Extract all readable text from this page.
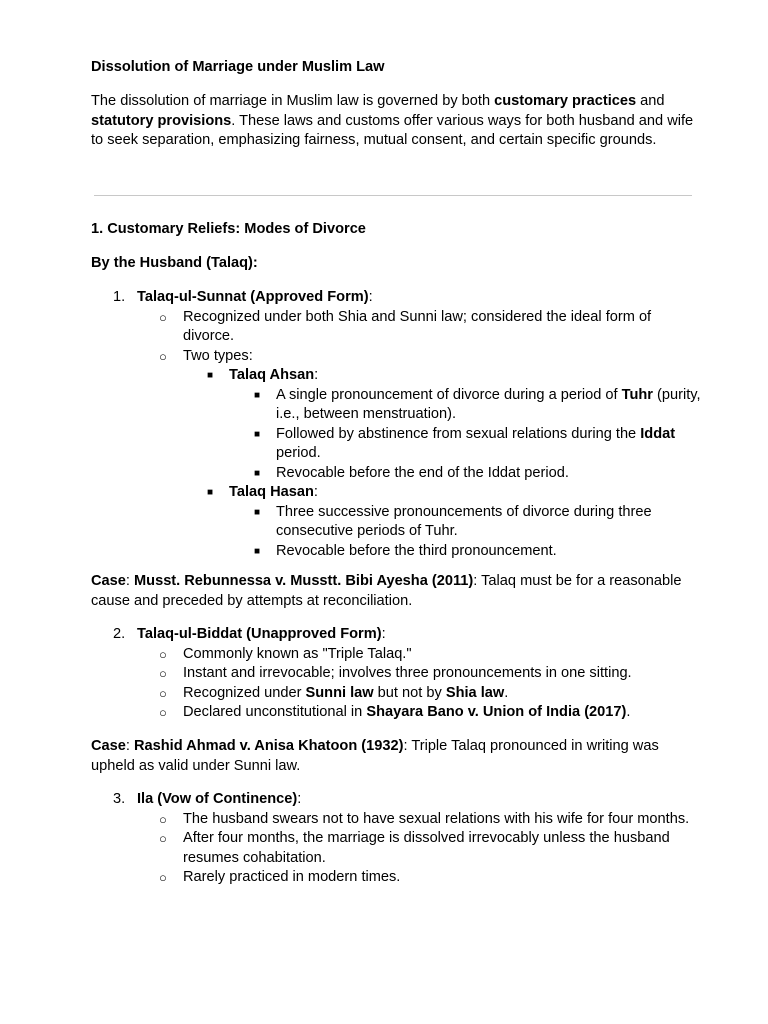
Dissolution of Marriage under Muslim Law

The dissolution of marriage in Muslim law is governed by both customary practices and statutory provisions. These laws and customs offer various ways for both husband and wife to seek separation, emphasizing fairness, mutual consent, and certain specific grounds.

1. Customary Reliefs: Modes of Divorce

By the Husband (Talaq):

1. Talaq-ul-Sunnat (Approved Form):
○ Recognized under both Shia and Sunni law; considered the ideal form of divorce.
○ Two types:
■ Talaq Ahsan:
■ A single pronouncement of divorce during a period of Tuhr (purity, i.e., between menstruation).
■ Followed by abstinence from sexual relations during the Iddat period.
■ Revocable before the end of the Iddat period.
■ Talaq Hasan:
■ Three successive pronouncements of divorce during three consecutive periods of Tuhr.
■ Revocable before the third pronouncement.

Case: Musst. Rebunnessa v. Musstt. Bibi Ayesha (2011): Talaq must be for a reasonable cause and preceded by attempts at reconciliation.

2. Talaq-ul-Biddat (Unapproved Form):
○ Commonly known as "Triple Talaq."
○ Instant and irrevocable; involves three pronouncements in one sitting.
○ Recognized under Sunni law but not by Shia law.
○ Declared unconstitutional in Shayara Bano v. Union of India (2017).

Case: Rashid Ahmad v. Anisa Khatoon (1932): Triple Talaq pronounced in writing was upheld as valid under Sunni law.

3. Ila (Vow of Continence):
○ The husband swears not to have sexual relations with his wife for four months.
○ After four months, the marriage is dissolved irrevocably unless the husband resumes cohabitation.
○ Rarely practiced in modern times.
